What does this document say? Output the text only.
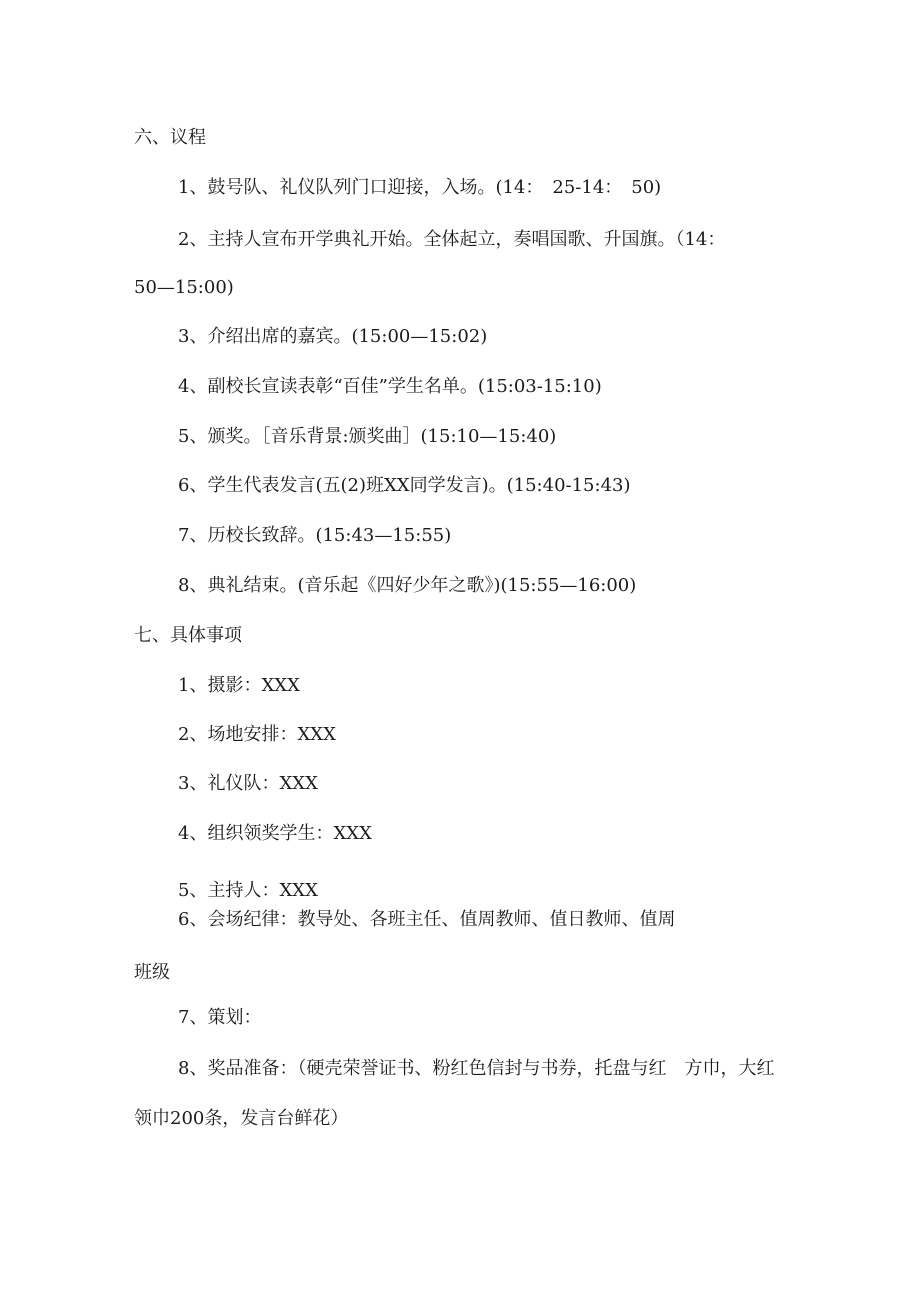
六、议程
1、鼓号队、礼仪队列门口迎接，入场。(14：　25-14：　50)
2、主持人宣布开学典礼开始。全体起立，奏唱国歌、升国旗。（14：
50—15:00)
3、介绍出席的嘉宾。(15:00—15:02)
4、副校长宣读表彰“百佳”学生名单。(15:03-15:10)
5、颁奖。［音乐背景:颁奖曲］(15:10—15:40)
6、学生代表发言(五(2)班XX同学发言)。(15:40-15:43)
7、历校长致辞。(15:43—15:55)
8、典礼结束。(音乐起《四好少年之歌》)(15:55—16:00)
七、具体事项
1、摄影：XXX
2、场地安排：XXX
3、礼仪队：XXX
4、组织领奖学生：XXX
5、主持人：XXX
6、会场纪律：教导处、各班主任、值周教师、值日教师、值周
班级
7、策划：
8、奖品准备：（硬壳荣誉证书、粉红色信封与书券，托盘与红　方巾，大红
领巾200条，发言台鲜花）
